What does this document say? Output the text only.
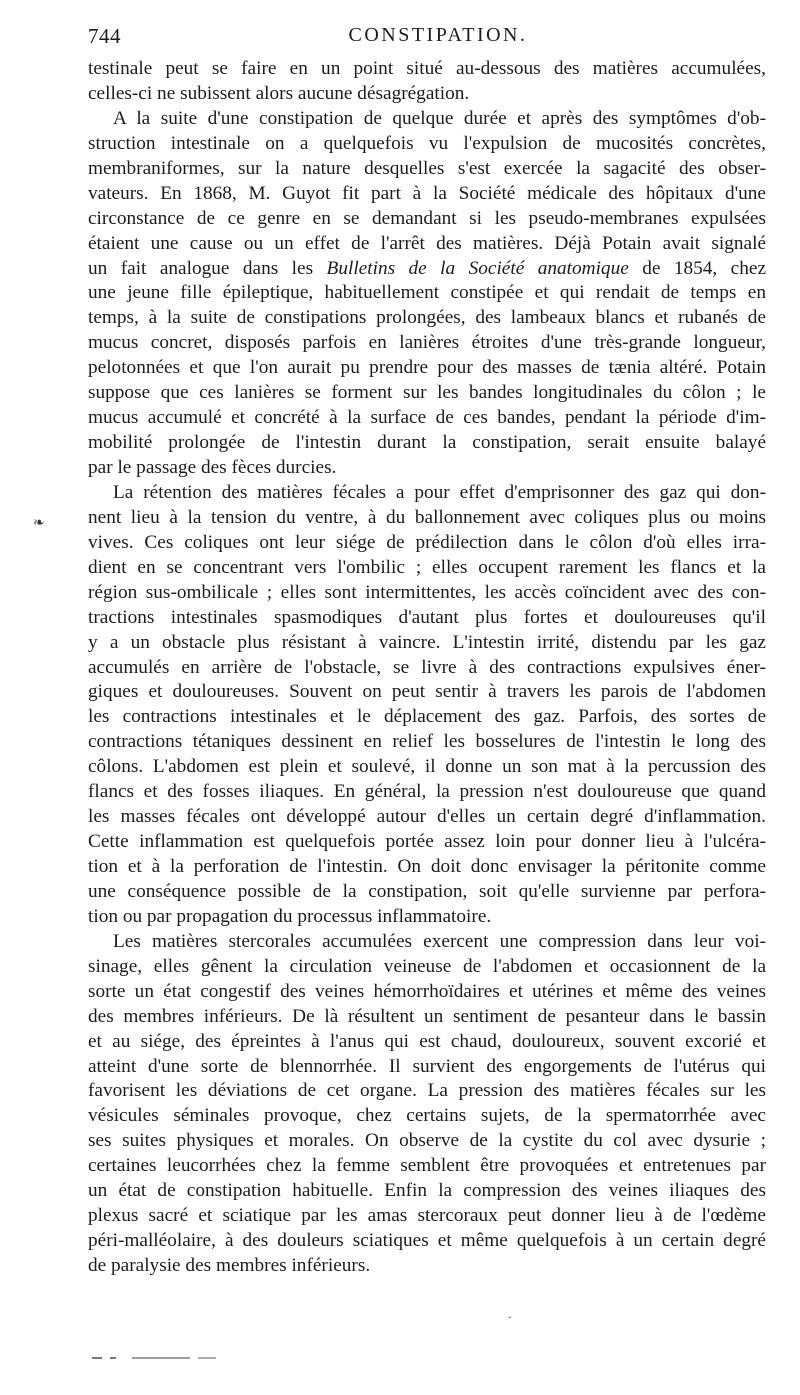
744	CONSTIPATION.
❧
testinale peut se faire en un point situé au-dessous des matières accumulées,
celles-ci ne subissent alors aucune désagrégation.
A la suite d'une constipation de quelque durée et après des symptômes d'ob-
struction intestinale on a quelquefois vu l'expulsion de mucosités concrètes,
membraniformes, sur la nature desquelles s'est exercée la sagacité des obser-
vateurs. En 1868, M. Guyot fit part à la Société médicale des hôpitaux d'une
circonstance de ce genre en se demandant si les pseudo-membranes expulsées
étaient une cause ou un effet de l'arrêt des matières. Déjà Potain avait signalé
un fait analogue dans les Bulletins de la Société anatomique de 1854, chez
une jeune fille épileptique, habituellement constipée et qui rendait de temps en
temps, à la suite de constipations prolongées, des lambeaux blancs et rubanés de
mucus concret, disposés parfois en lanières étroites d'une très-grande longueur,
pelotonnées et que l'on aurait pu prendre pour des masses de tænia altéré. Potain
suppose que ces lanières se forment sur les bandes longitudinales du côlon ; le
mucus accumulé et concrété à la surface de ces bandes, pendant la période d'im-
mobilité prolongée de l'intestin durant la constipation, serait ensuite balayé
par le passage des fèces durcies.
La rétention des matières fécales a pour effet d'emprisonner des gaz qui don-
nent lieu à la tension du ventre, à du ballonnement avec coliques plus ou moins
vives. Ces coliques ont leur siége de prédilection dans le côlon d'où elles irra-
dient en se concentrant vers l'ombilic ; elles occupent rarement les flancs et la
région sus-ombilicale ; elles sont intermittentes, les accès coïncident avec des con-
tractions intestinales spasmodiques d'autant plus fortes et douloureuses qu'il
y a un obstacle plus résistant à vaincre. L'intestin irrité, distendu par les gaz
accumulés en arrière de l'obstacle, se livre à des contractions expulsives éner-
giques et douloureuses. Souvent on peut sentir à travers les parois de l'abdomen
les contractions intestinales et le déplacement des gaz. Parfois, des sortes de
contractions tétaniques dessinent en relief les bosselures de l'intestin le long des
côlons. L'abdomen est plein et soulevé, il donne un son mat à la percussion des
flancs et des fosses iliaques. En général, la pression n'est douloureuse que quand
les masses fécales ont développé autour d'elles un certain degré d'inflammation.
Cette inflammation est quelquefois portée assez loin pour donner lieu à l'ulcéra-
tion et à la perforation de l'intestin. On doit donc envisager la péritonite comme
une conséquence possible de la constipation, soit qu'elle survienne par perfora-
tion ou par propagation du processus inflammatoire.
Les matières stercorales accumulées exercent une compression dans leur voi-
sinage, elles gênent la circulation veineuse de l'abdomen et occasionnent de la
sorte un état congestif des veines hémorrhoïdaires et utérines et même des veines
des membres inférieurs. De là résultent un sentiment de pesanteur dans le bassin
et au siége, des épreintes à l'anus qui est chaud, douloureux, souvent excorié et
atteint d'une sorte de blennorrhée. Il survient des engorgements de l'utérus qui
favorisent les déviations de cet organe. La pression des matières fécales sur les
vésicules séminales provoque, chez certains sujets, de la spermatorrhée avec
ses suites physiques et morales. On observe de la cystite du col avec dysurie ;
certaines leucorrhées chez la femme semblent être provoquées et entretenues par
un état de constipation habituelle. Enfin la compression des veines iliaques des
plexus sacré et sciatique par les amas stercoraux peut donner lieu à de l'œdème
péri-malléolaire, à des douleurs sciatiques et même quelquefois à un certain degré
de paralysie des membres inférieurs.
ˇ
